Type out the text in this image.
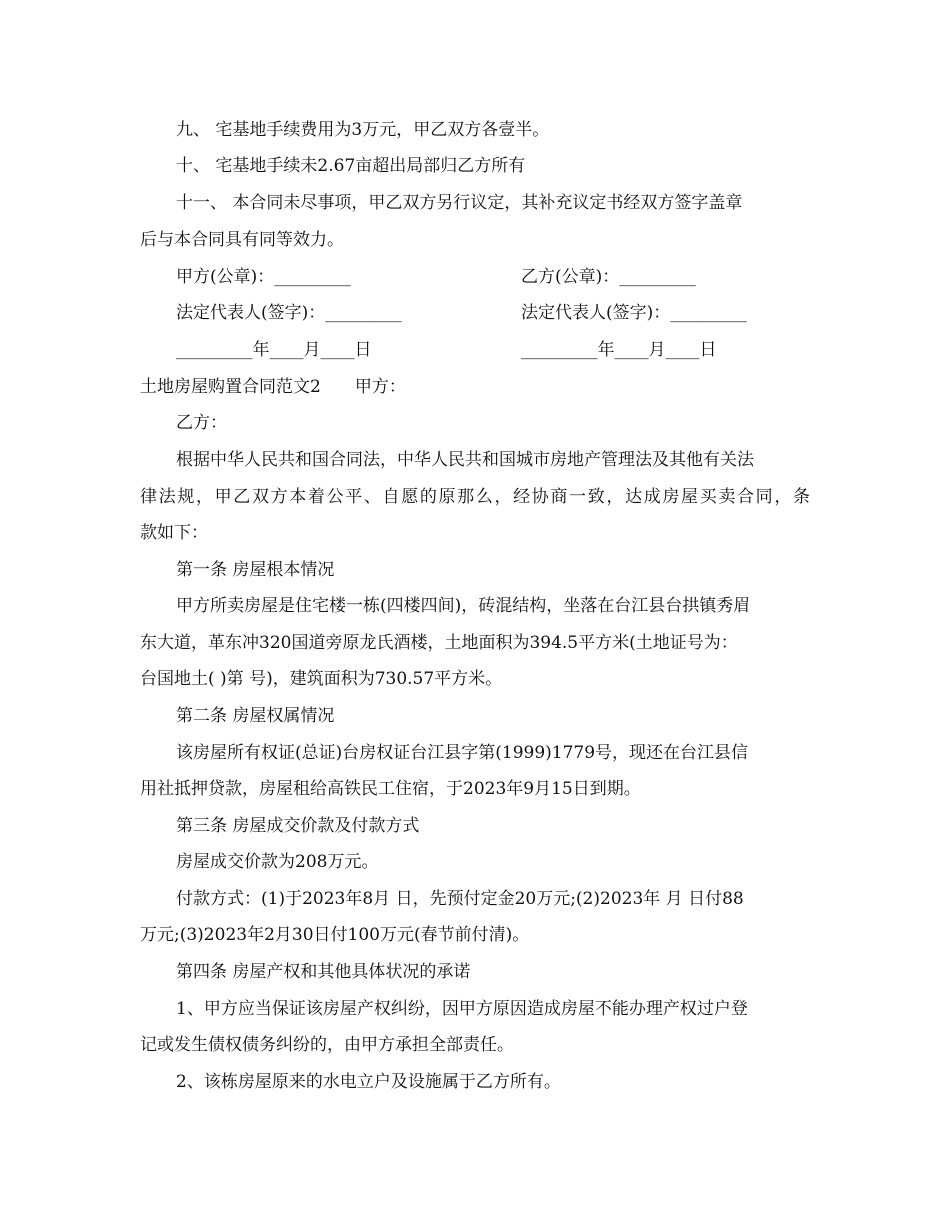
九、 宅基地手续费用为3万元，甲乙双方各壹半。

十、 宅基地手续未2.67亩超出局部归乙方所有

十一、 本合同未尽事项，甲乙双方另行议定，其补充议定书经双方签字盖章

后与本合同具有同等效力。

甲方(公章)：_________	乙方(公章)：_________

法定代表人(签字)：_________	法定代表人(签字)：_________

_________年____月____日	_________年____月____日

土地房屋购置合同范文2　　甲方：

乙方：

根据中华人民共和国合同法，中华人民共和国城市房地产管理法及其他有关法

律法规，甲乙双方本着公平、自愿的原那么，经协商一致，达成房屋买卖合同，条

款如下：

第一条 房屋根本情况

甲方所卖房屋是住宅楼一栋(四楼四间)，砖混结构，坐落在台江县台拱镇秀眉

东大道，革东冲320国道旁原龙氏酒楼，土地面积为394.5平方米(土地证号为：

台国地土( )第 号)，建筑面积为730.57平方米。

第二条 房屋权属情况

该房屋所有权证(总证)台房权证台江县字第(1999)1779号，现还在台江县信

用社抵押贷款，房屋租给高铁民工住宿，于2023年9月15日到期。

第三条 房屋成交价款及付款方式

房屋成交价款为208万元。

付款方式：(1)于2023年8月 日，先预付定金20万元;(2)2023年 月 日付88

万元;(3)2023年2月30日付100万元(春节前付清)。

第四条 房屋产权和其他具体状况的承诺

1、甲方应当保证该房屋产权纠纷，因甲方原因造成房屋不能办理产权过户登

记或发生债权债务纠纷的，由甲方承担全部责任。

2、该栋房屋原来的水电立户及设施属于乙方所有。
